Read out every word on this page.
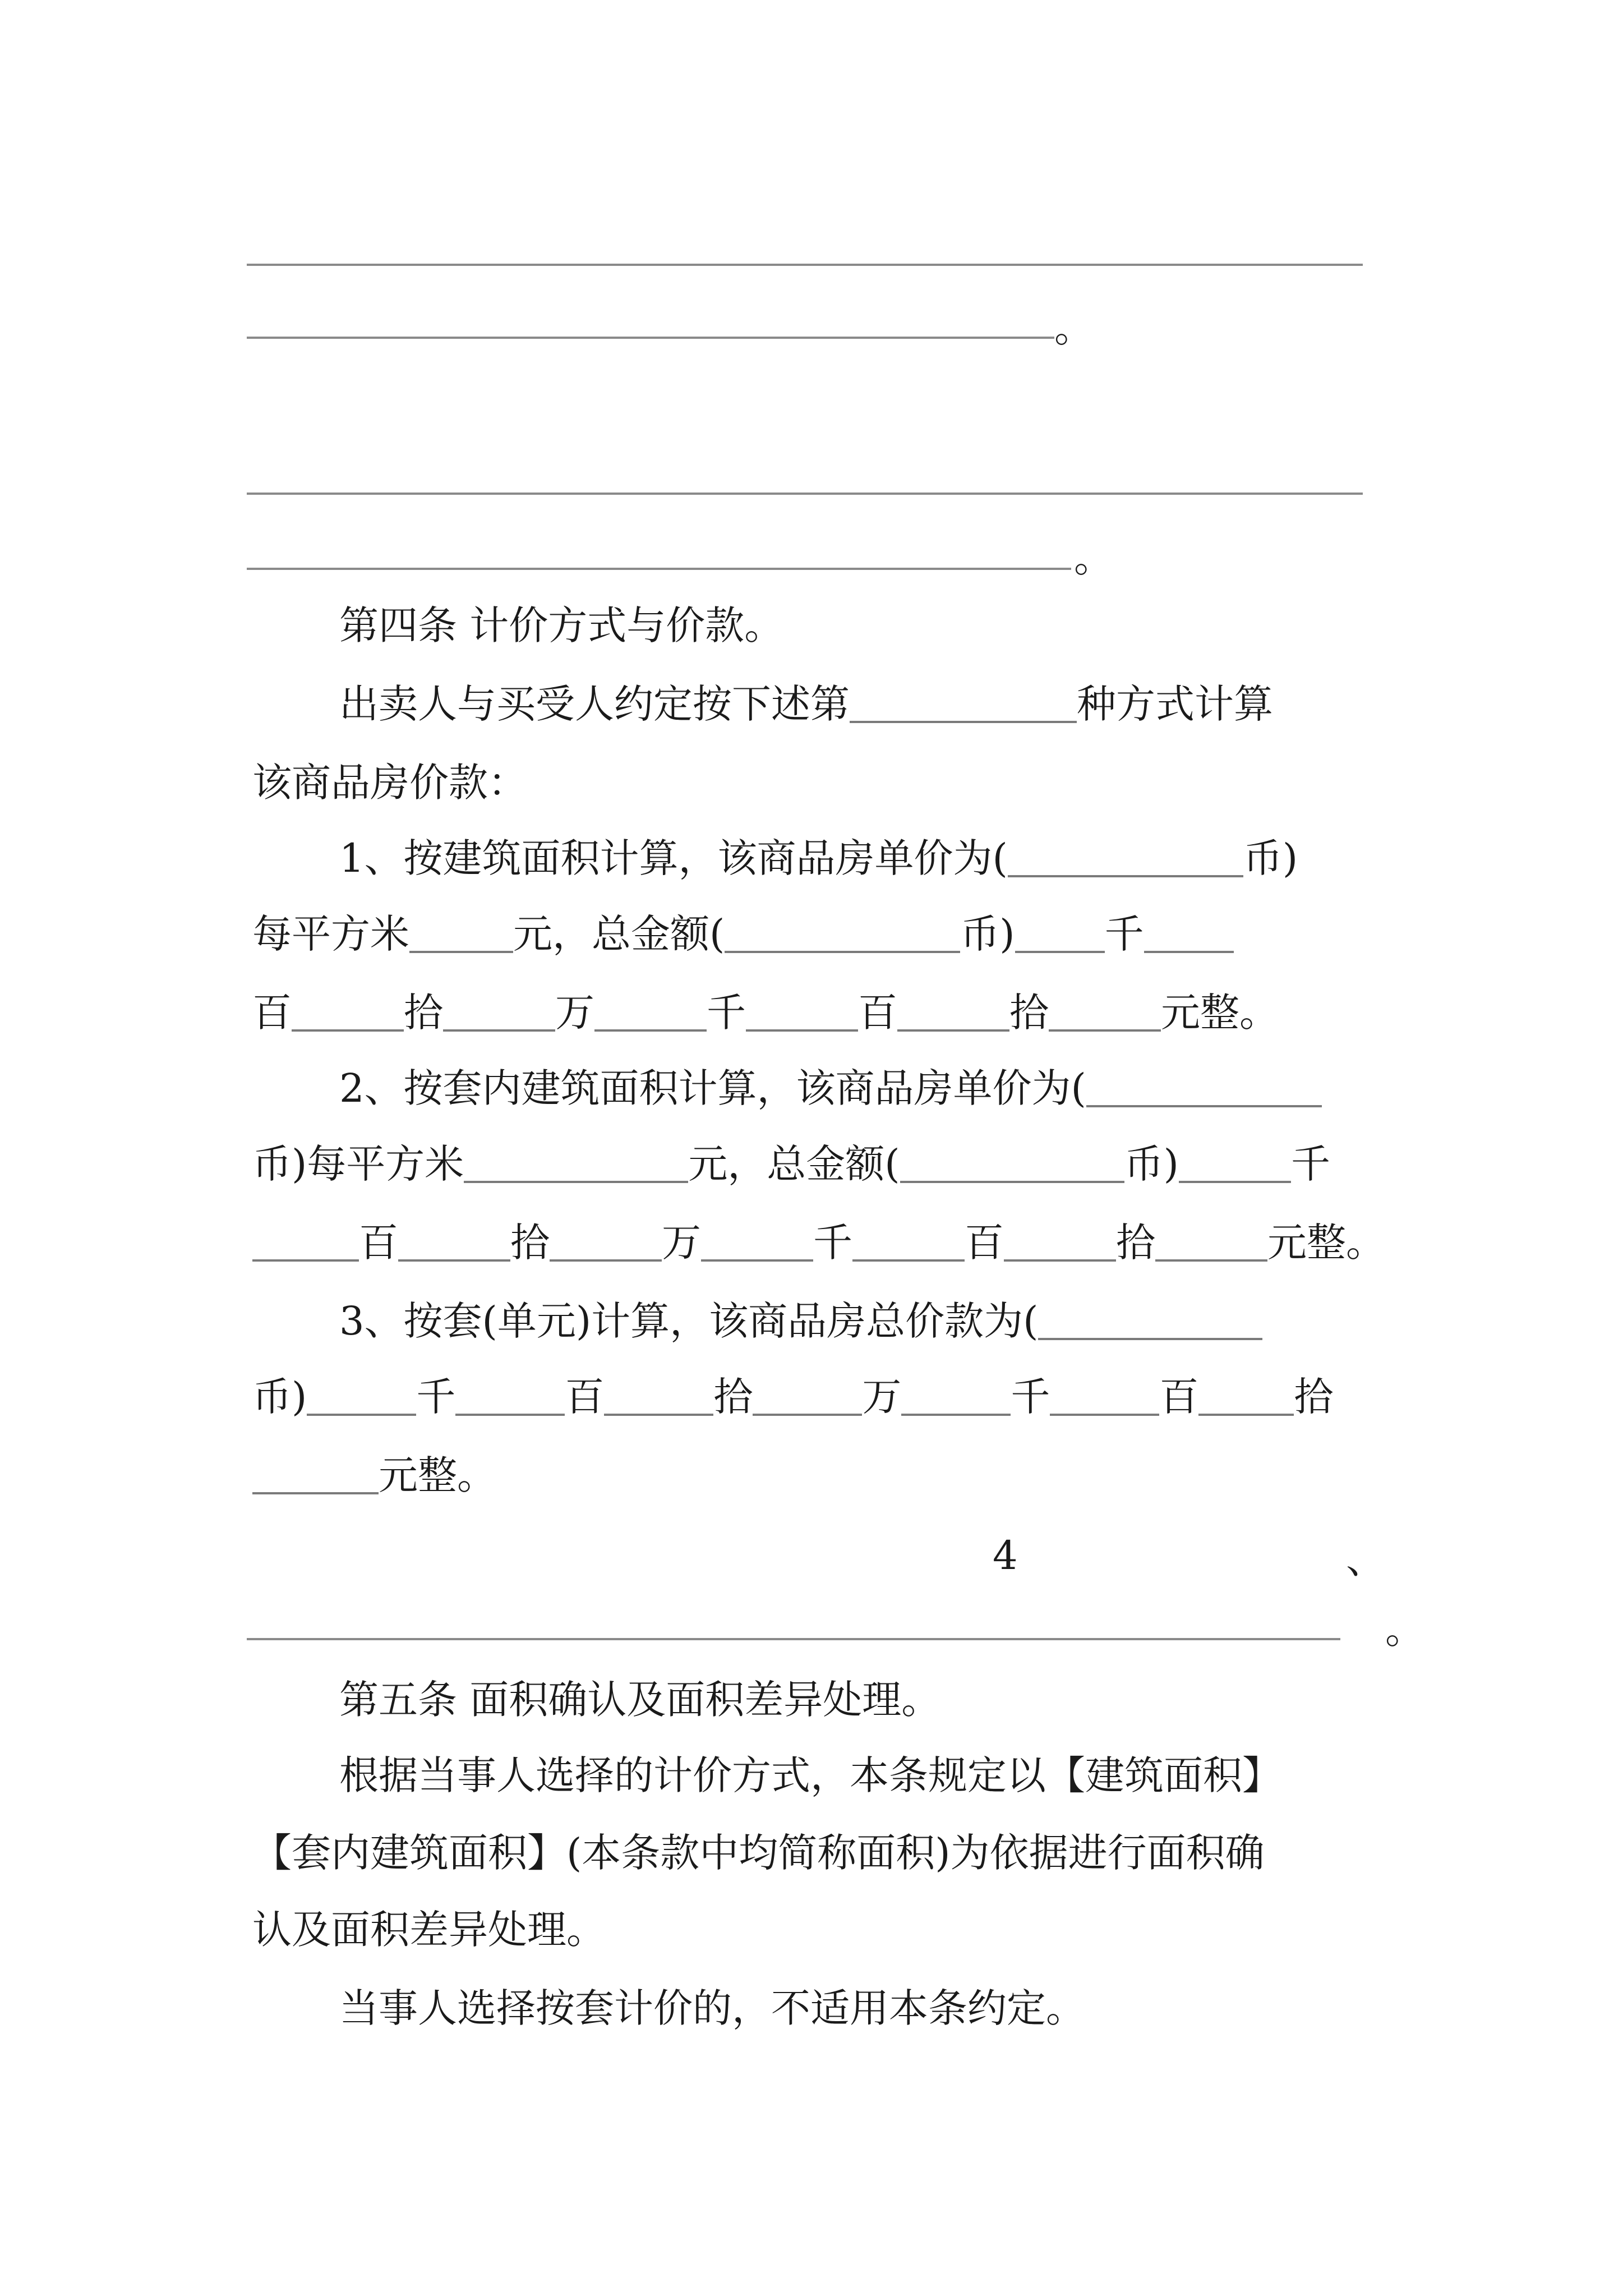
。
。
第四条 计价方式与价款。
出卖人与买受人约定按下述第	种方式计算
该商品房价款：
1、按建筑面积计算，该商品房单价为(	币)
每平方米	元，总金额(	币) 千
百	拾	万	千	百	拾	元整。
2、按套内建筑面积计算，该商品房单价为(
币)每平方米	元，总金额(	币)	千
百	拾	万	千	百	拾	元整。
3、按套(单元)计算，该商品房总价款为(
币)	千	百	拾	万	千	百 拾
元整。
4	、
。
第五条 面积确认及面积差异处理。
根据当事人选择的计价方式，本条规定以【建筑面积】
【套内建筑面积】(本条款中均简称面积)为依据进行面积确
认及面积差异处理。
当事人选择按套计价的，不适用本条约定。
